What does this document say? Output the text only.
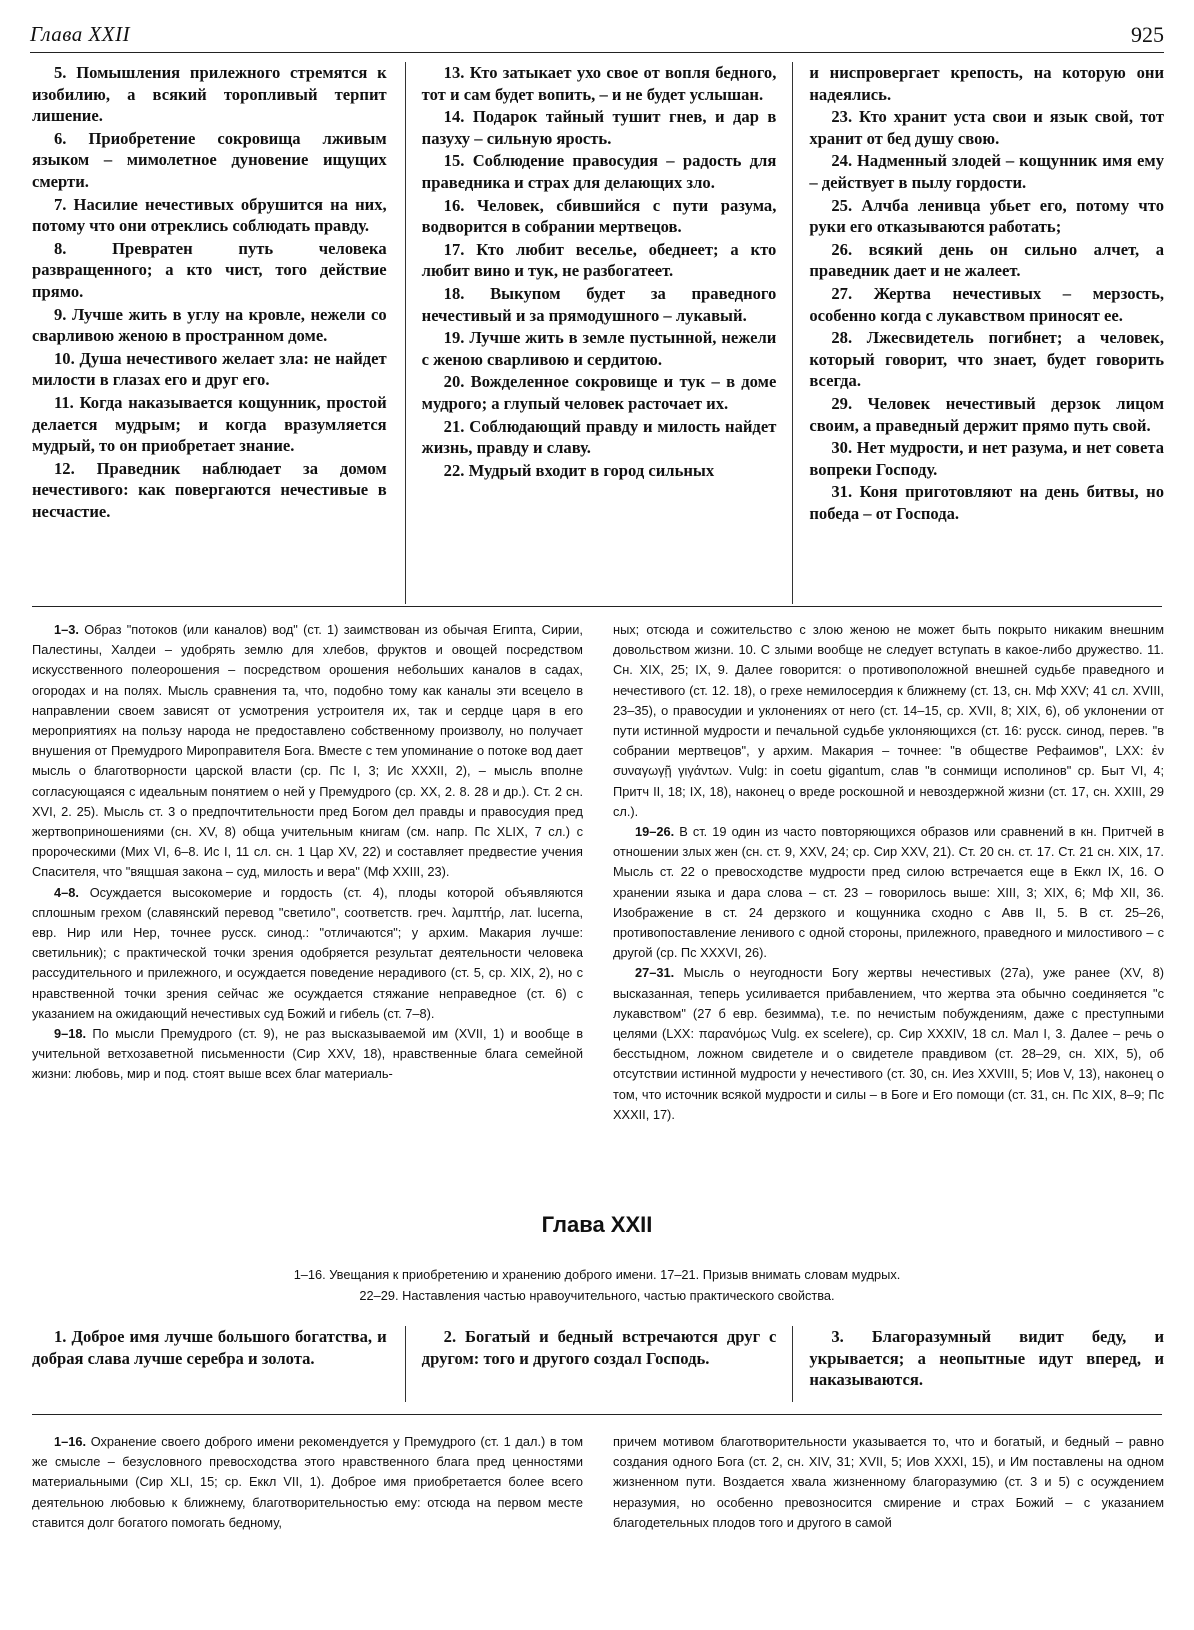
Глава XXII	925

5. Помышления прилежного стремятся к изобилию, а всякий торопливый терпит лишение.

6. Приобретение сокровища лживым языком – мимолетное дуновение ищущих смерти.

7. Насилие нечестивых обрушится на них, потому что они отреклись соблюдать правду.

8. Превратен путь человека развращенного; а кто чист, того действие прямо.

9. Лучше жить в углу на кровле, нежели со сварливою женою в пространном доме.

10. Душа нечестивого желает зла: не найдет милости в глазах его и друг его.

11. Когда наказывается кощунник, простой делается мудрым; и когда вразумляется мудрый, то он приобретает знание.

12. Праведник наблюдает за домом нечестивого: как повергаются нечестивые в несчастие.

13. Кто затыкает ухо свое от вопля бедного, тот и сам будет вопить, – и не будет услышан.

14. Подарок тайный тушит гнев, и дар в пазуху – сильную ярость.

15. Соблюдение правосудия – радость для праведника и страх для делающих зло.

16. Человек, сбившийся с пути разума, водворится в собрании мертвецов.

17. Кто любит веселье, обеднеет; а кто любит вино и тук, не разбогатеет.

18. Выкупом будет за праведного нечестивый и за прямодушного – лукавый.

19. Лучше жить в земле пустынной, нежели с женою сварливою и сердитою.

20. Вожделенное сокровище и тук – в доме мудрого; а глупый человек расточает их.

21. Соблюдающий правду и милость найдет жизнь, правду и славу.

22. Мудрый входит в город сильных

и ниспровергает крепость, на которую они надеялись.

23. Кто хранит уста свои и язык свой, тот хранит от бед душу свою.

24. Надменный злодей – кощунник имя ему – действует в пылу гордости.

25. Алчба ленивца убьет его, потому что руки его отказываются работать;

26. всякий день он сильно алчет, а праведник дает и не жалеет.

27. Жертва нечестивых – мерзость, особенно когда с лукавством приносят ее.

28. Лжесвидетель погибнет; а человек, который говорит, что знает, будет говорить всегда.

29. Человек нечестивый дерзок лицом своим, а праведный держит прямо путь свой.

30. Нет мудрости, и нет разума, и нет совета вопреки Господу.

31. Коня приготовляют на день битвы, но победа – от Господа.

1–3. Образ "потоков (или каналов) вод" (ст. 1) заимствован из обычая Египта, Сирии, Палестины, Халдеи – удобрять землю для хлебов, фруктов и овощей посредством искусственного полеорошения – посредством орошения небольших каналов в садах, огородах и на полях. Мысль сравнения та, что, подобно тому как каналы эти всецело в направлении своем зависят от усмотрения устроителя их, так и сердце царя в его мероприятиях на пользу народа не предоставлено собственному произволу, но получает внушения от Премудрого Мироправителя Бога. Вместе с тем упоминание о потоке вод дает мысль о благотворности царской власти (ср. Пс I, 3; Ис XXXII, 2), – мысль вполне согласующаяся с идеальным понятием о ней у Премудрого (ср. XX, 2. 8. 28 и др.). Ст. 2 сн. XVI, 2. 25). Мысль ст. 3 о предпочтительности пред Богом дел правды и правосудия пред жертвоприношениями (сн. XV, 8) обща учительным книгам (см. напр. Пс XLIX, 7 сл.) с пророческими (Мих VI, 6–8. Ис I, 11 сл. сн. 1 Цар XV, 22) и составляет предвестие учения Спасителя, что "вящшая закона – суд, милость и вера" (Мф XXIII, 23).

4–8. Осуждается высокомерие и гордость (ст. 4), плоды которой объявляются сплошным грехом (славянский перевод "светило", соответств. греч. λαμπτήρ, лат. lucerna, евр. Нир или Нер, точнее русск. синод.: "отличаются"; у архим. Макария лучше: светильник); с практической точки зрения одобряется результат деятельности человека рассудительного и прилежного, и осуждается поведение нерадивого (ст. 5, ср. XIX, 2), но с нравственной точки зрения сейчас же осуждается стяжание неправедное (ст. 6) с указанием на ожидающий нечестивых суд Божий и гибель (ст. 7–8).

9–18. По мысли Премудрого (ст. 9), не раз высказываемой им (XVII, 1) и вообще в учительной ветхозаветной письменности (Сир XXV, 18), нравственные блага семейной жизни: любовь, мир и под. стоят выше всех благ материаль-

ных; отсюда и сожительство с злою женою не может быть покрыто никаким внешним довольством жизни. 10. С злыми вообще не следует вступать в какое-либо дружество. 11. Сн. XIX, 25; IX, 9. Далее говорится: о противоположной внешней судьбе праведного и нечестивого (ст. 12. 18), о грехе немилосердия к ближнему (ст. 13, сн. Мф XXV; 41 сл. XVIII, 23–35), о правосудии и уклонениях от него (ст. 14–15, ср. XVII, 8; XIX, 6), об уклонении от пути истинной мудрости и печальной судьбе уклоняющихся (ст. 16: русск. синод, перев. "в собрании мертвецов", у архим. Макария – точнее: "в обществе Рефаимов", LXX: ἐν συναγωγῇ γιγάντων. Vulg: in coetu gigantum, слав "в сонмищи исполинов" ср. Быт VI, 4; Притч II, 18; IX, 18), наконец о вреде роскошной и невоздержной жизни (ст. 17, сн. XXIII, 29 сл.).

19–26. В ст. 19 один из часто повторяющихся образов или сравнений в кн. Притчей в отношении злых жен (сн. ст. 9, XXV, 24; ср. Сир XXV, 21). Ст. 20 сн. ст. 17. Ст. 21 сн. XIX, 17. Мысль ст. 22 о превосходстве мудрости пред силою встречается еще в Еккл IX, 16. О хранении языка и дара слова – ст. 23 – говорилось выше: XIII, 3; XIX, 6; Мф XII, 36. Изображение в ст. 24 дерзкого и кощунника сходно с Авв II, 5. В ст. 25–26, противопоставление ленивого с одной стороны, прилежного, праведного и милостивого – с другой (ср. Пс XXXVI, 26).

27–31. Мысль о неугодности Богу жертвы нечестивых (27а), уже ранее (XV, 8) высказанная, теперь усиливается прибавлением, что жертва эта обычно соединяется "с лукавством" (27 б евр. безимма), т.е. по нечистым побуждениям, даже с преступными целями (LXX: παρανόμως Vulg. ex scelere), ср. Сир XXXIV, 18 сл. Мал I, 3. Далее – речь о бесстыдном, ложном свидетеле и о свидетеле правдивом (ст. 28–29, сн. XIX, 5), об отсутствии истинной мудрости у нечестивого (ст. 30, сн. Иез XXVIII, 5; Иов V, 13), наконец о том, что источник всякой мудрости и силы – в Боге и Его помощи (ст. 31, сн. Пс XIX, 8–9; Пс XXXII, 17).

Глава XXII
1–16. Увещания к приобретению и хранению доброго имени. 17–21. Призыв внимать словам мудрых.
22–29. Наставления частью нравоучительного, частью практического свойства.

1. Доброе имя лучше большого богатства, и добрая слава лучше серебра и золота.

2. Богатый и бедный встречаются друг с другом: того и другого создал Господь.

3. Благоразумный видит беду, и укрывается; а неопытные идут вперед, и наказываются.

1–16. Охранение своего доброго имени рекомендуется у Премудрого (ст. 1 дал.) в том же смысле – безусловного превосходства этого нравственного блага пред ценностями материальными (Сир XLI, 15; ср. Еккл VII, 1). Доброе имя приобретается более всего деятельною любовью к ближнему, благотворительностью ему: отсюда на первом месте ставится долг богатого помогать бедному,

причем мотивом благотворительности указывается то, что и богатый, и бедный – равно создания одного Бога (ст. 2, сн. XIV, 31; XVII, 5; Иов XXXI, 15), и Им поставлены на одном жизненном пути. Воздается хвала жизненному благоразумию (ст. 3 и 5) с осуждением неразумия, но особенно превозносится смирение и страх Божий – с указанием благодетельных плодов того и другого в самой
